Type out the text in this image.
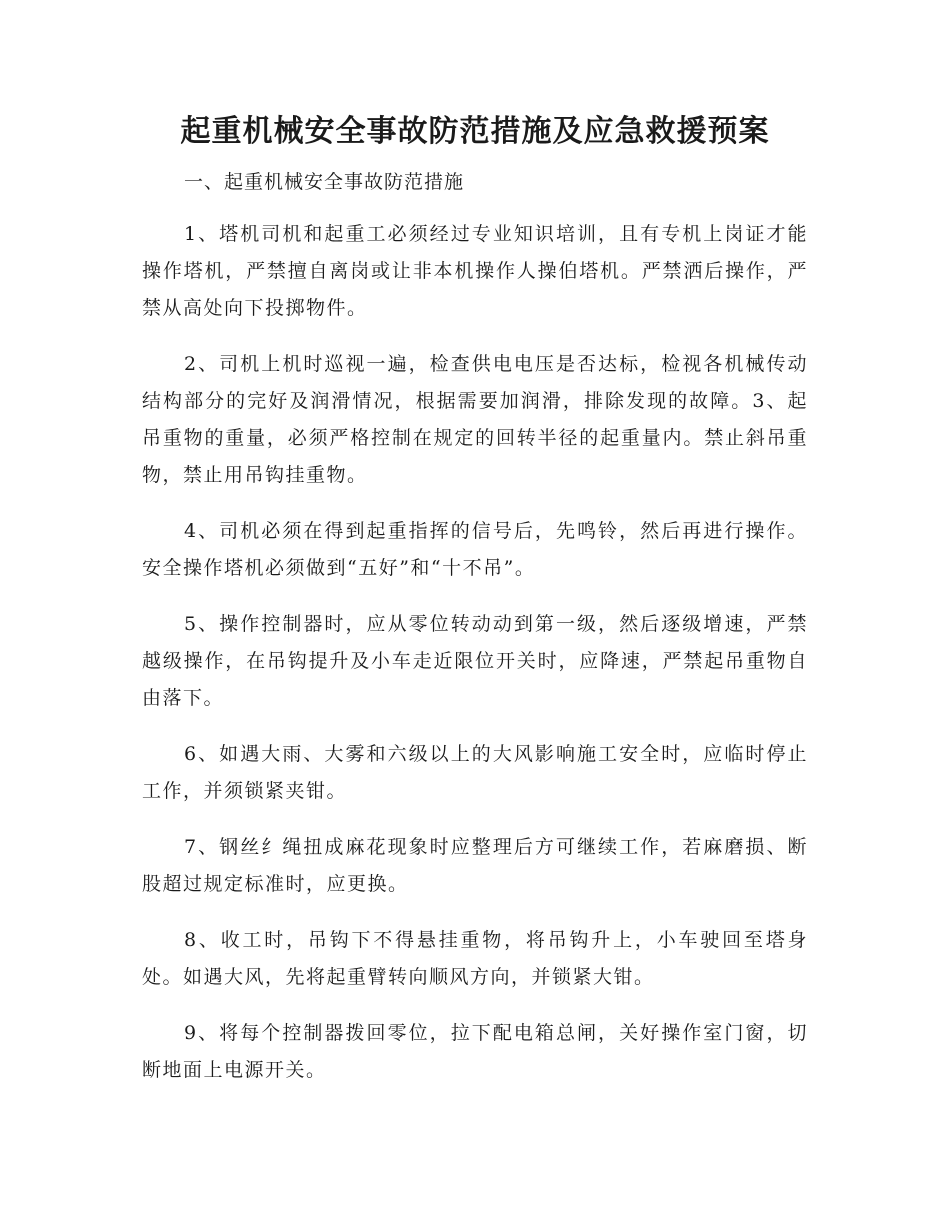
起重机械安全事故防范措施及应急救援预案
一、起重机械安全事故防范措施

1、塔机司机和起重工必须经过专业知识培训，且有专机上岗证才能操作塔机，严禁擅自离岗或让非本机操作人操伯塔机。严禁洒后操作，严禁从高处向下投掷物件。

2、司机上机时巡视一遍，检查供电电压是否达标，检视各机械传动结构部分的完好及润滑情况，根据需要加润滑，排除发现的故障。3、起吊重物的重量，必须严格控制在规定的回转半径的起重量内。禁止斜吊重物，禁止用吊钩挂重物。

4、司机必须在得到起重指挥的信号后，先鸣铃，然后再进行操作。安全操作塔机必须做到“五好”和“十不吊”。

5、操作控制器时，应从零位转动动到第一级，然后逐级增速，严禁越级操作，在吊钩提升及小车走近限位开关时，应降速，严禁起吊重物自由落下。

6、如遇大雨、大雾和六级以上的大风影响施工安全时，应临时停止工作，并须锁紧夹钳。

7、钢丝纟绳扭成麻花现象时应整理后方可继续工作，若麻磨损、断股超过规定标准时，应更换。

8、收工时，吊钩下不得悬挂重物，将吊钩升上，小车驶回至塔身处。如遇大风，先将起重臂转向顺风方向，并锁紧大钳。

9、将每个控制器拨回零位，拉下配电箱总闸，关好操作室门窗，切断地面上电源开关。
